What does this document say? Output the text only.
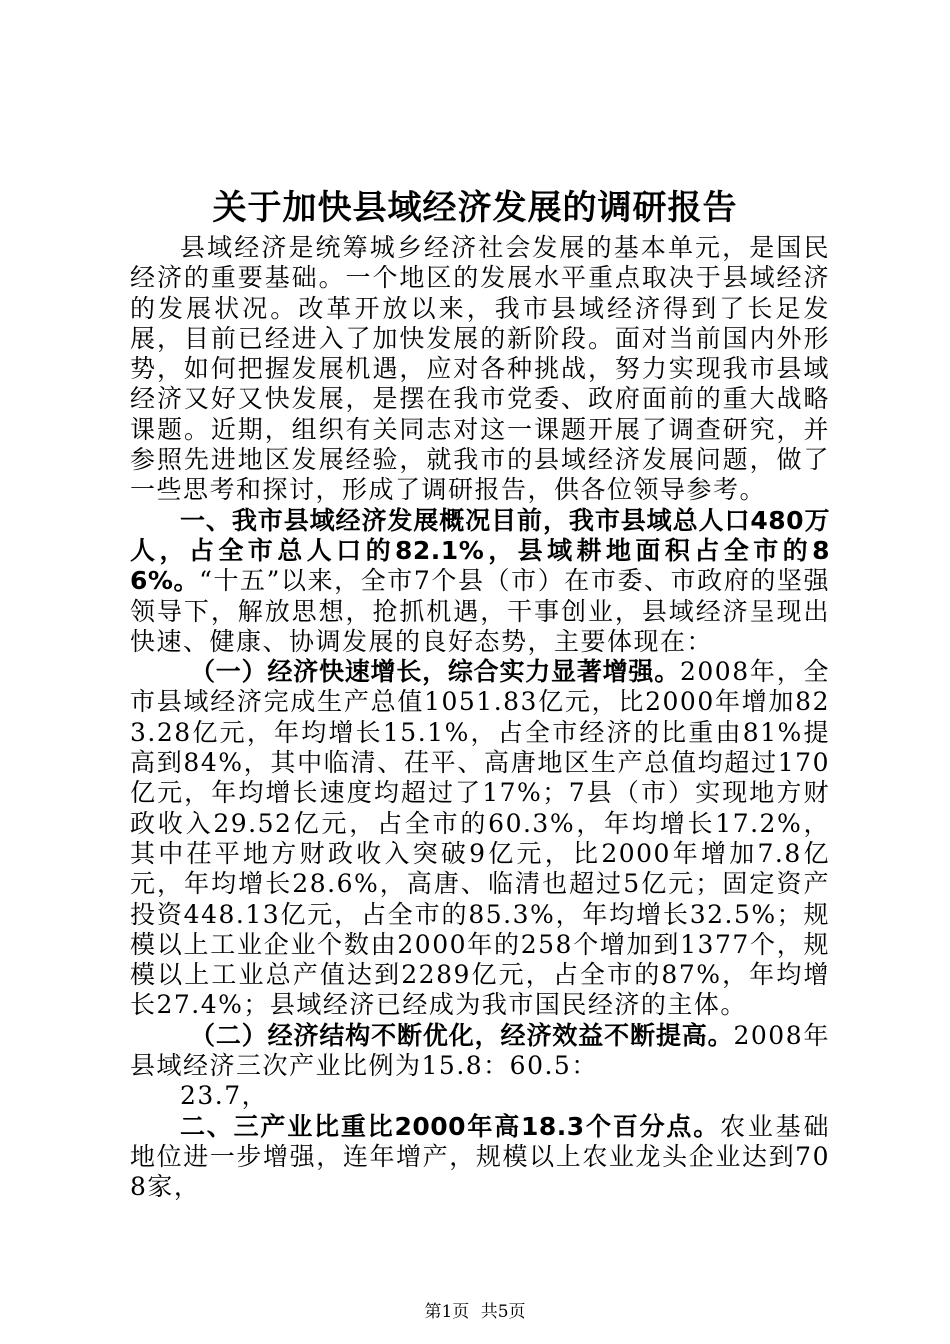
关于加快县域经济发展的调研报告

县域经济是统筹城乡经济社会发展的基本单元，是国民经济的重要基础。一个地区的发展水平重点取决于县域经济的发展状况。改革开放以来，我市县域经济得到了长足发展，目前已经进入了加快发展的新阶段。面对当前国内外形势，如何把握发展机遇，应对各种挑战，努力实现我市县域经济又好又快发展，是摆在我市党委、政府面前的重大战略课题。近期，组织有关同志对这一课题开展了调查研究，并参照先进地区发展经验，就我市的县域经济发展问题，做了一些思考和探讨，形成了调研报告，供各位领导参考。

一、我市县域经济发展概况目前，我市县域总人口480万人，占全市总人口的82.1%，县域耕地面积占全市的86%。“十五”以来，全市7个县（市）在市委、市政府的坚强领导下，解放思想，抢抓机遇，干事创业，县域经济呈现出快速、健康、协调发展的良好态势，主要体现在：

（一）经济快速增长，综合实力显著增强。2008年，全市县域经济完成生产总值1051.83亿元，比2000年增加823.28亿元，年均增长15.1%，占全市经济的比重由81%提高到84%，其中临清、茌平、高唐地区生产总值均超过170亿元，年均增长速度均超过了17%；7县（市）实现地方财政收入29.52亿元，占全市的60.3%，年均增长17.2%，其中茌平地方财政收入突破9亿元，比2000年增加7.8亿元，年均增长28.6%，高唐、临清也超过5亿元；固定资产投资448.13亿元，占全市的85.3%，年均增长32.5%；规模以上工业企业个数由2000年的258个增加到1377个，规模以上工业总产值达到2289亿元，占全市的87%，年均增长27.4%；县域经济已经成为我市国民经济的主体。

（二）经济结构不断优化，经济效益不断提高。2008年县域经济三次产业比例为15.8：60.5：

23.7，

二、三产业比重比2000年高18.3个百分点。农业基础地位进一步增强，连年增产，规模以上农业龙头企业达到708家，

第1页 共5页
